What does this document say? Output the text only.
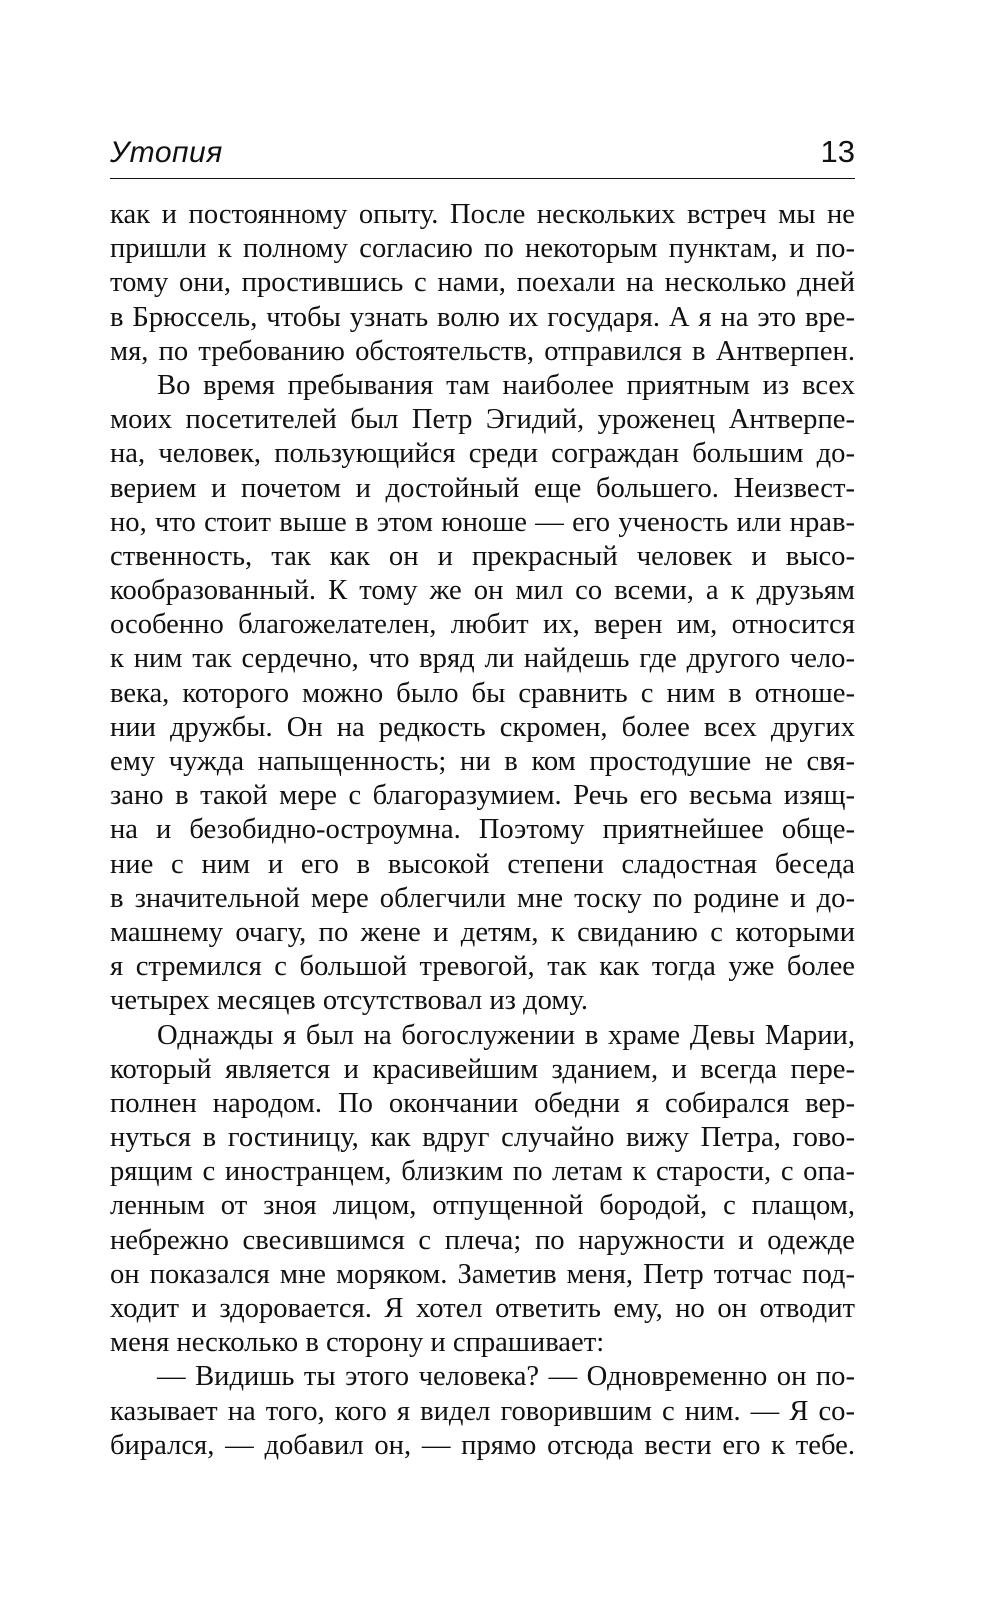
Утопия	13
как и постоянному опыту. После нескольких встреч мы не
пришли к полному согласию по некоторым пунктам, и по-
тому они, простившись с нами, поехали на несколько дней
в Брюссель, чтобы узнать волю их государя. А я на это вре-
мя, по требованию обстоятельств, отправился в Антверпен.
Во время пребывания там наиболее приятным из всех
моих посетителей был Петр Эгидий, уроженец Антверпе-
на, человек, пользующийся среди сограждан большим до-
верием и почетом и достойный еще большего. Неизвест-
но, что стоит выше в этом юноше — его ученость или нрав-
ственность, так как он и прекрасный человек и высо-
кообразованный. К тому же он мил со всеми, а к друзьям
особенно благожелателен, любит их, верен им, относится
к ним так сердечно, что вряд ли найдешь где другого чело-
века, которого можно было бы сравнить с ним в отноше-
нии дружбы. Он на редкость скромен, более всех других
ему чужда напыщенность; ни в ком простодушие не свя-
зано в такой мере с благоразумием. Речь его весьма изящ-
на и безобидно-остроумна. Поэтому приятнейшее обще-
ние с ним и его в высокой степени сладостная беседа
в значительной мере облегчили мне тоску по родине и до-
машнему очагу, по жене и детям, к свиданию с которыми
я стремился с большой тревогой, так как тогда уже более
четырех месяцев отсутствовал из дому.
Однажды я был на богослужении в храме Девы Марии,
который является и красивейшим зданием, и всегда пере-
полнен народом. По окончании обедни я собирался вер-
нуться в гостиницу, как вдруг случайно вижу Петра, гово-
рящим с иностранцем, близким по летам к старости, с опа-
ленным от зноя лицом, отпущенной бородой, с плащом,
небрежно свесившимся с плеча; по наружности и одежде
он показался мне моряком. Заметив меня, Петр тотчас под-
ходит и здоровается. Я хотел ответить ему, но он отводит
меня несколько в сторону и спрашивает:
— Видишь ты этого человека? — Одновременно он по-
казывает на того, кого я видел говорившим с ним. — Я со-
бирался, — добавил он, — прямо отсюда вести его к тебе.
